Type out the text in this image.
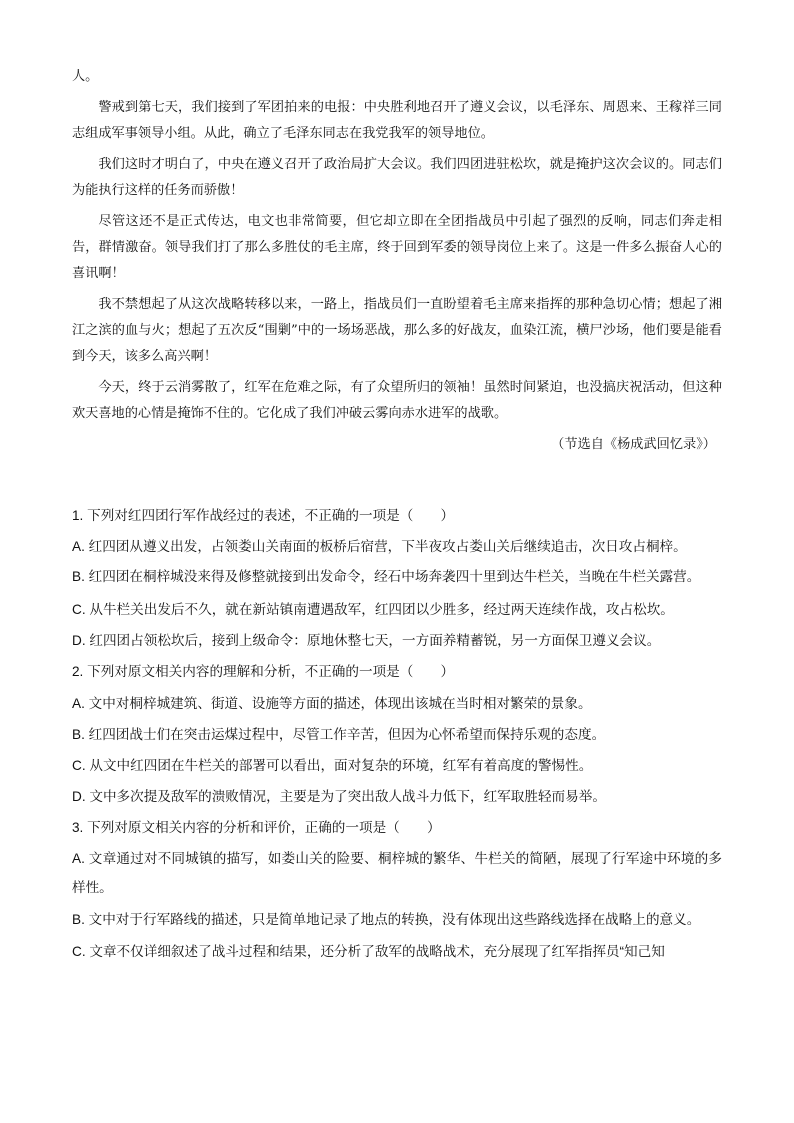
人。

警戒到第七天，我们接到了军团拍来的电报：中央胜利地召开了遵义会议，以毛泽东、周恩来、王稼祥三同志组成军事领导小组。从此，确立了毛泽东同志在我党我军的领导地位。

我们这时才明白了，中央在遵义召开了政治局扩大会议。我们四团进驻松坎，就是掩护这次会议的。同志们为能执行这样的任务而骄傲！

尽管这还不是正式传达，电文也非常简要，但它却立即在全团指战员中引起了强烈的反响，同志们奔走相告，群情激奋。领导我们打了那么多胜仗的毛主席，终于回到军委的领导岗位上来了。这是一件多么振奋人心的喜讯啊！

我不禁想起了从这次战略转移以来，一路上，指战员们一直盼望着毛主席来指挥的那种急切心情；想起了湘江之滨的血与火；想起了五次反“围剿”中的一场场恶战，那么多的好战友，血染江流，横尸沙场，他们要是能看到今天，该多么高兴啊！

今天，终于云消雾散了，红军在危难之际，有了众望所归的领袖！虽然时间紧迫，也没搞庆祝活动，但这种欢天喜地的心情是掩饰不住的。它化成了我们冲破云雾向赤水进军的战歌。

（节选自《杨成武回忆录》）

1. 下列对红四团行军作战经过的表述，不正确的一项是（　　）

A. 红四团从遵义出发，占领娄山关南面的板桥后宿营，下半夜攻占娄山关后继续追击，次日攻占桐梓。

B. 红四团在桐梓城没来得及修整就接到出发命令，经石中场奔袭四十里到达牛栏关，当晚在牛栏关露营。

C. 从牛栏关出发后不久，就在新站镇南遭遇敌军，红四团以少胜多，经过两天连续作战，攻占松坎。

D. 红四团占领松坎后，接到上级命令：原地休整七天，一方面养精蓄锐，另一方面保卫遵义会议。

2. 下列对原文相关内容的理解和分析，不正确的一项是（　　）

A. 文中对桐梓城建筑、街道、设施等方面的描述，体现出该城在当时相对繁荣的景象。

B. 红四团战士们在突击运煤过程中，尽管工作辛苦，但因为心怀希望而保持乐观的态度。

C. 从文中红四团在牛栏关的部署可以看出，面对复杂的环境，红军有着高度的警惕性。

D. 文中多次提及敌军的溃败情况，主要是为了突出敌人战斗力低下，红军取胜轻而易举。

3. 下列对原文相关内容的分析和评价，正确的一项是（　　）

A. 文章通过对不同城镇的描写，如娄山关的险要、桐梓城的繁华、牛栏关的简陋，展现了行军途中环境的多样性。

B. 文中对于行军路线的描述，只是简单地记录了地点的转换，没有体现出这些路线选择在战略上的意义。

C. 文章不仅详细叙述了战斗过程和结果，还分析了敌军的战略战术，充分展现了红军指挥员“知己知
